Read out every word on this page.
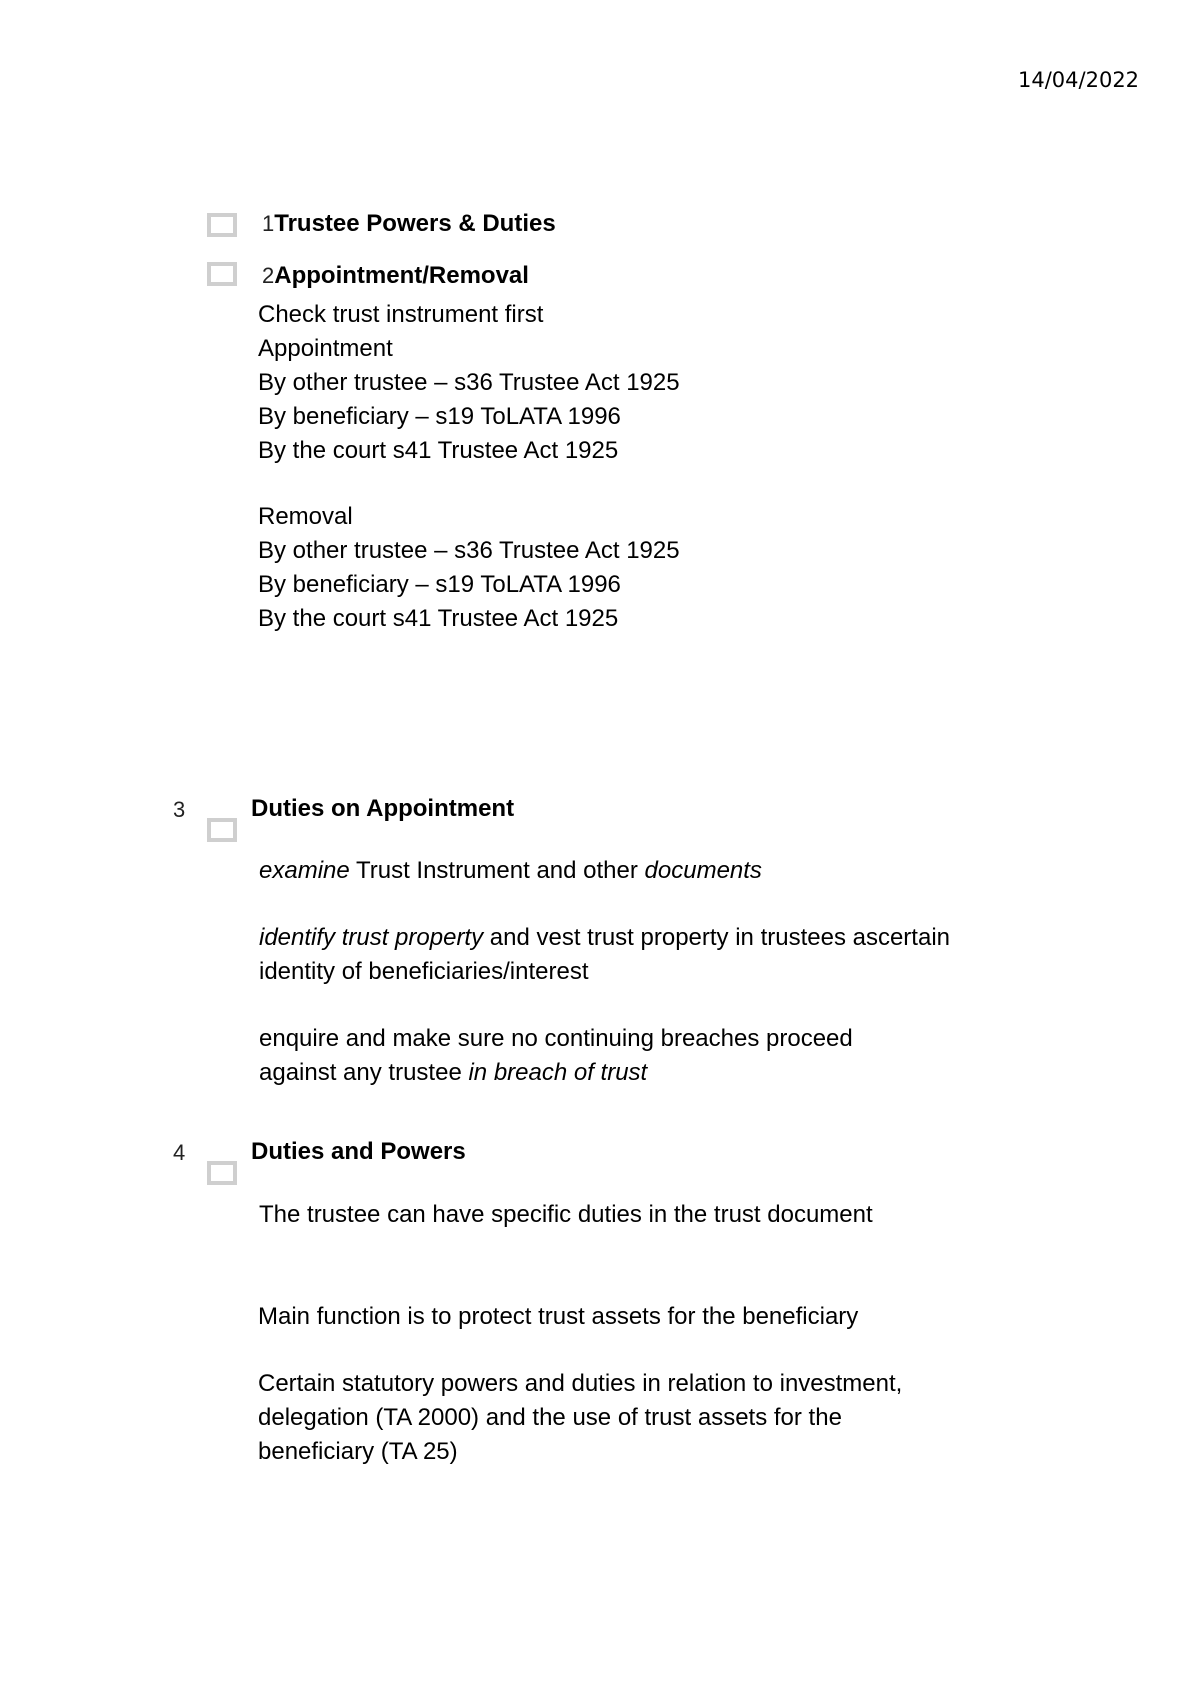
14/04/2022
1Trustee Powers & Duties
2Appointment/Removal
Check trust instrument first
Appointment
By other trustee – s36 Trustee Act 1925
By beneficiary – s19 ToLATA 1996
By the court s41 Trustee Act 1925
Removal
By other trustee – s36 Trustee Act 1925
By beneficiary – s19 ToLATA 1996
By the court s41 Trustee Act 1925
3	Duties on Appointment
examine Trust Instrument and other documents
identify trust property and vest trust property in trustees ascertain
identity of beneficiaries/interest
enquire and make sure no continuing breaches proceed
against any trustee in breach of trust
4	Duties and Powers
The trustee can have specific duties in the trust document
Main function is to protect trust assets for the beneficiary
Certain statutory powers and duties in relation to investment,
delegation (TA 2000) and the use of trust assets for the
beneficiary (TA 25)
